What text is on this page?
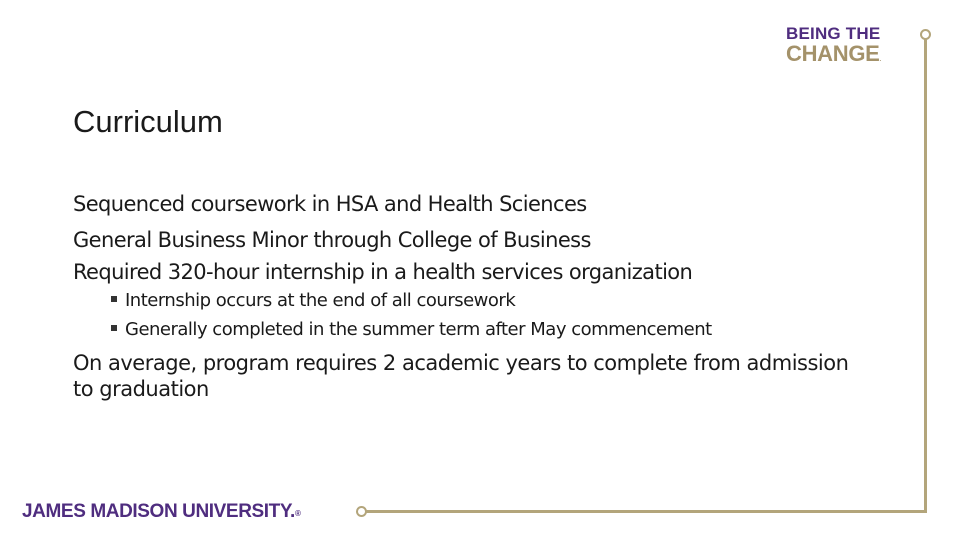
BEING THE
CHANGE.
Curriculum

Sequenced coursework in HSA and Health Sciences

General Business Minor through College of Business

Required 320-hour internship in a health services organization

Internship occurs at the end of all coursework
Generally completed in the summer term after May commencement

On average, program requires 2 academic years to complete from admission to graduation

JAMES MADISON UNIVERSITY.®
